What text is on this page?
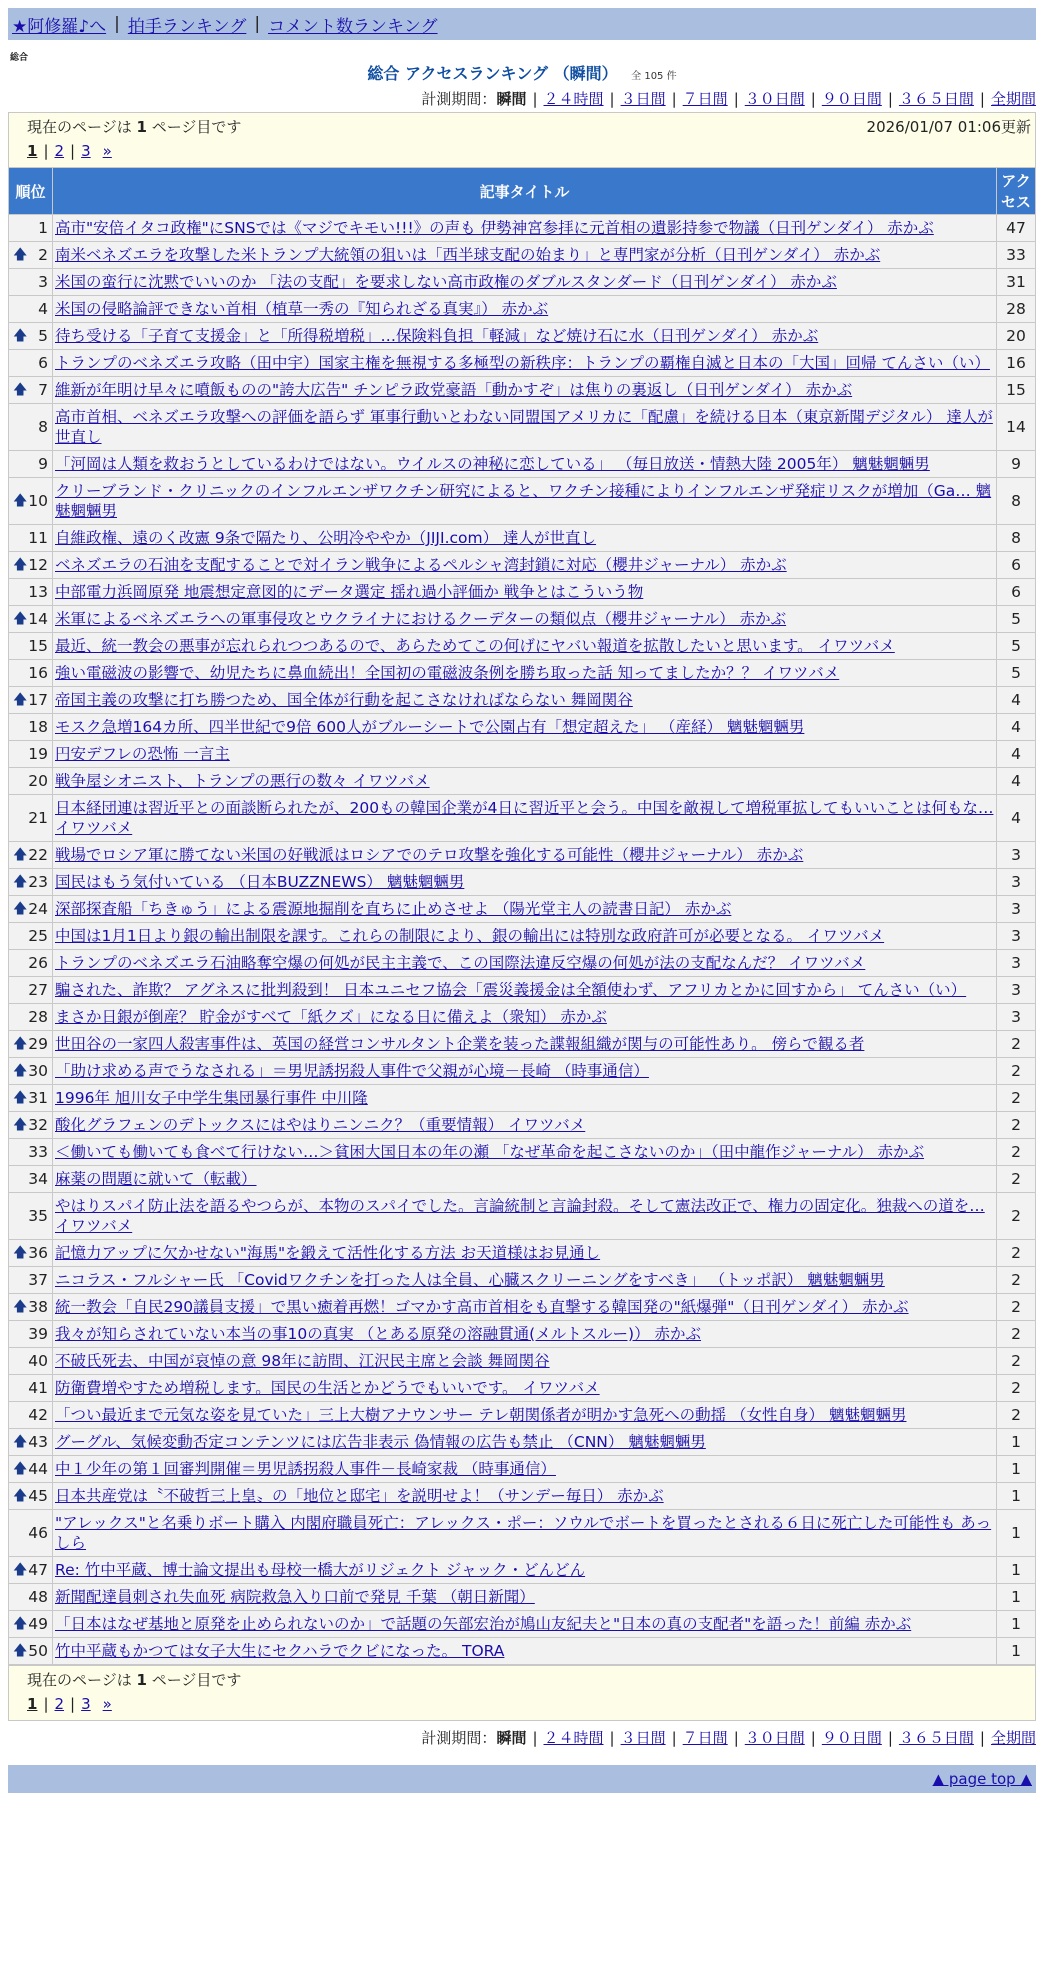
★阿修羅♪へ | 拍手ランキング | コメント数ランキング
総合
総合 アクセスランキング （瞬間） 全 105 件
計測期間：瞬間 | ２４時間 | ３日間 | ７日間 | ３０日間 | ９０日間 | ３６５日間 | 全期間
現在のページは 1 ページ目です	2026/01/07 01:06更新
1 | 2 | 3 »
順位	記事タイトル	アクセス
1	高市"安倍イタコ政権"にSNSでは《マジでキモい!!!》の声も 伊勢神宮参拝に元首相の遺影持参で物議（日刊ゲンダイ） 赤かぶ	47

🡅 2	南米ベネズエラを攻撃した米トランプ大統領の狙いは「西半球支配の始まり」と専門家が分析（日刊ゲンダイ） 赤かぶ	33
3	米国の蛮行に沈黙でいいのか 「法の支配」を要求しない高市政権のダブルスタンダード（日刊ゲンダイ） 赤かぶ	31
4	米国の侵略論評できない首相（植草一秀の『知られざる真実』） 赤かぶ	28

🡅 5	待ち受ける「子育て支援金」と「所得税増税」…保険料負担「軽減」など焼け石に水（日刊ゲンダイ） 赤かぶ	20
6	トランプのベネズエラ攻略（田中宇）国家主権を無視する多極型の新秩序：トランプの覇権自滅と日本の「大国」回帰 てんさい（い）	16

🡅 7	維新が年明け早々に噴飯ものの"誇大広告" チンピラ政党豪語「動かすぞ」は焦りの裏返し（日刊ゲンダイ） 赤かぶ	15
8	高市首相、ベネズエラ攻撃への評価を語らず 軍事行動いとわない同盟国アメリカに「配慮」を続ける日本（東京新聞デジタル） 達人が世直し	14
9	「河岡は人類を救おうとしているわけではない。ウイルスの神秘に恋している」 （毎日放送・情熱大陸 2005年） 魑魅魍魎男	9

🡅 10	クリーブランド・クリニックのインフルエンザワクチン研究によると、ワクチン接種によりインフルエンザ発症リスクが増加（Ga… 魑魅魍魎男	8
11	自維政権、遠のく改憲 9条で隔たり、公明冷ややか（JIJI.com） 達人が世直し	8

🡅 12	ベネズエラの石油を支配することで対イラン戦争によるペルシャ湾封鎖に対応（櫻井ジャーナル） 赤かぶ	6
13	中部電力浜岡原発 地震想定意図的にデータ選定 揺れ過小評価か 戦争とはこういう物	6

🡅 14	米軍によるベネズエラへの軍事侵攻とウクライナにおけるクーデターの類似点（櫻井ジャーナル） 赤かぶ	5
15	最近、統一教会の悪事が忘れられつつあるので、あらためてこの何げにヤバい報道を拡散したいと思います。 イワツバメ	5
16	強い電磁波の影響で、幼児たちに鼻血続出！全国初の電磁波条例を勝ち取った話 知ってましたか？？ イワツバメ	5

🡅 17	帝国主義の攻撃に打ち勝つため、国全体が行動を起こさなければならない 舞岡関谷	4
18	モスク急増164カ所、四半世紀で9倍 600人がブルーシートで公園占有「想定超えた」 （産経） 魑魅魍魎男	4
19	円安デフレの恐怖 一言主	4
20	戦争屋シオニスト、トランプの悪行の数々 イワツバメ	4
21	日本経団連は習近平との面談断られたが、200もの韓国企業が4日に習近平と会う。中国を敵視して増税軍拡してもいいことは何もな… イワツバメ	4

🡅 22	戦場でロシア軍に勝てない米国の好戦派はロシアでのテロ攻撃を強化する可能性（櫻井ジャーナル） 赤かぶ	3

🡅 23	国民はもう気付いている （日本BUZZNEWS） 魑魅魍魎男	3

🡅 24	深部探査船「ちきゅう」による震源地掘削を直ちに止めさせよ （陽光堂主人の読書日記） 赤かぶ	3
25	中国は1月1日より銀の輸出制限を課す。これらの制限により、銀の輸出には特別な政府許可が必要となる。 イワツバメ	3
26	トランプのベネズエラ石油略奪空爆の何処が民主主義で、この国際法違反空爆の何処が法の支配なんだ？ イワツバメ	3
27	騙された、詐欺？ アグネスに批判殺到！ 日本ユニセフ協会「震災義援金は全額使わず、アフリカとかに回すから」 てんさい（い）	3
28	まさか日銀が倒産？ 貯金がすべて「紙クズ」になる日に備えよ（衆知） 赤かぶ	3

🡅 29	世田谷の一家四人殺害事件は、英国の経営コンサルタント企業を装った諜報組織が関与の可能性あり。 傍らで観る者	2

🡅 30	「助け求める声でうなされる」＝男児誘拐殺人事件で父親が心境－長崎 （時事通信）	2

🡅 31	1996年 旭川女子中学生集団暴行事件 中川隆	2

🡅 32	酸化グラフェンのデトックスにはやはりニンニク？（重要情報） イワツバメ	2
33	＜働いても働いても食べて行けない…＞貧困大国日本の年の瀬 「なぜ革命を起こさないのか」（田中龍作ジャーナル） 赤かぶ	2
34	麻薬の問題に就いて（転載）	2
35	やはりスパイ防止法を語るやつらが、本物のスパイでした。言論統制と言論封殺。そして憲法改正で、権力の固定化。独裁への道を… イワツバメ	2

🡅 36	記憶力アップに欠かせない"海馬"を鍛えて活性化する方法 お天道様はお見通し	2
37	ニコラス・フルシャー氏 「Covidワクチンを打った人は全員、心臓スクリーニングをすべき」 （トッポ訳） 魑魅魍魎男	2

🡅 38	統一教会「自民290議員支援」で黒い癒着再燃！ゴマかす高市首相をも直撃する韓国発の"紙爆弾"（日刊ゲンダイ） 赤かぶ	2
39	我々が知らされていない本当の事10の真実 （とある原発の溶融貫通(メルトスルー)） 赤かぶ	2
40	不破氏死去、中国が哀悼の意 98年に訪問、江沢民主席と会談 舞岡関谷	2
41	防衛費増やすため増税します。国民の生活とかどうでもいいです。 イワツバメ	2
42	「つい最近まで元気な姿を見ていた」三上大樹アナウンサー テレ朝関係者が明かす急死への動揺 （女性自身） 魑魅魍魎男	2

🡅 43	グーグル、気候変動否定コンテンツには広告非表示 偽情報の広告も禁止 （CNN） 魑魅魍魎男	1

🡅 44	中１少年の第１回審判開催＝男児誘拐殺人事件－長崎家裁 （時事通信）	1

🡅 45	日本共産党は〝不破哲三上皇〟の「地位と邸宅」を説明せよ！（サンデー毎日） 赤かぶ	1
46	"アレックス"と名乗りボート購入 内閣府職員死亡：アレックス・ポー：ソウルでボートを買ったとされる６日に死亡した可能性も あっしら	1

🡅 47	Re: 竹中平蔵、博士論文提出も母校一橋大がリジェクト ジャック・どんどん	1
48	新聞配達員刺され失血死 病院救急入り口前で発見 千葉 （朝日新聞）	1

🡅 49	「日本はなぜ基地と原発を止められないのか」で話題の矢部宏治が鳩山友紀夫と"日本の真の支配者"を語った！前編 赤かぶ	1

🡅 50	竹中平蔵もかつては女子大生にセクハラでクビになった。 TORA	1
現在のページは 1 ページ目です
1 | 2 | 3 »
計測期間：瞬間 | ２４時間 | ３日間 | ７日間 | ３０日間 | ９０日間 | ３６５日間 | 全期間
▲ page top ▲
